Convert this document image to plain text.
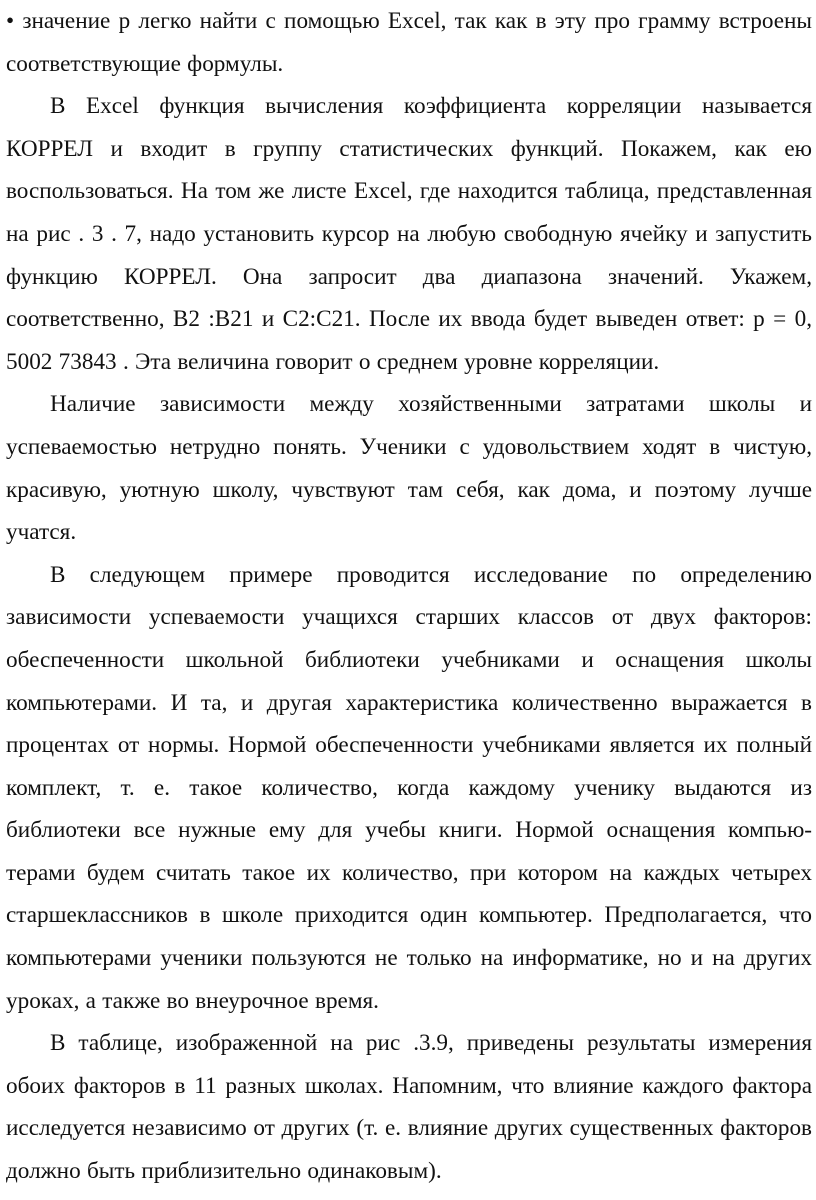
• значение р легко найти с помощью Excel, так как в эту про грамму встроены соответствующие формулы.

В Excel функция вычисления коэффициента корреляции называется КОРРЕЛ и входит в группу статистических функций. Покажем, как ею воспользоваться. На том же листе Excel, где находится таблица, представленная на рис . 3 . 7, надо установить курсор на любую свободную ячейку и запустить функцию КОРРЕЛ. Она запросит два диапазона значений. Укажем, соответственно, В2 :В21 и С2:С21. После их ввода будет выведен ответ: р = 0, 5002 73843 . Эта величина говорит о среднем уровне корреляции.

Наличие зависимости между хозяйственными затратами школы и успеваемостью нетрудно понять. Ученики с удовольствием ходят в чистую, красивую, уютную школу, чувствуют там себя, как дома, и поэтому лучше учатся.

В следующем примере проводится исследование по определению зависимости успеваемости учащихся старших классов от двух факторов: обеспеченности школьной библиотеки учебниками и оснащения школы компьютерами. И та, и другая характеристика количественно выражается в процентах от нормы. Нормой обеспеченности учебниками является их полный комплект, т. е. такое количество, когда каждому ученику выдаются из библиотеки все нужные ему для учебы книги. Нормой оснащения компью-терами будем считать такое их количество, при котором на каждых четырех старшеклассников в школе приходится один компьютер. Предполагается, что компьютерами ученики пользуются не только на информатике, но и на других уроках, а также во внеурочное время.

В таблице, изображенной на рис .3.9, приведены результаты измерения обоих факторов в 11 разных школах. Напомним, что влияние каждого фактора исследуется независимо от других (т. е. влияние других существенных факторов должно быть приблизительно одинаковым).
